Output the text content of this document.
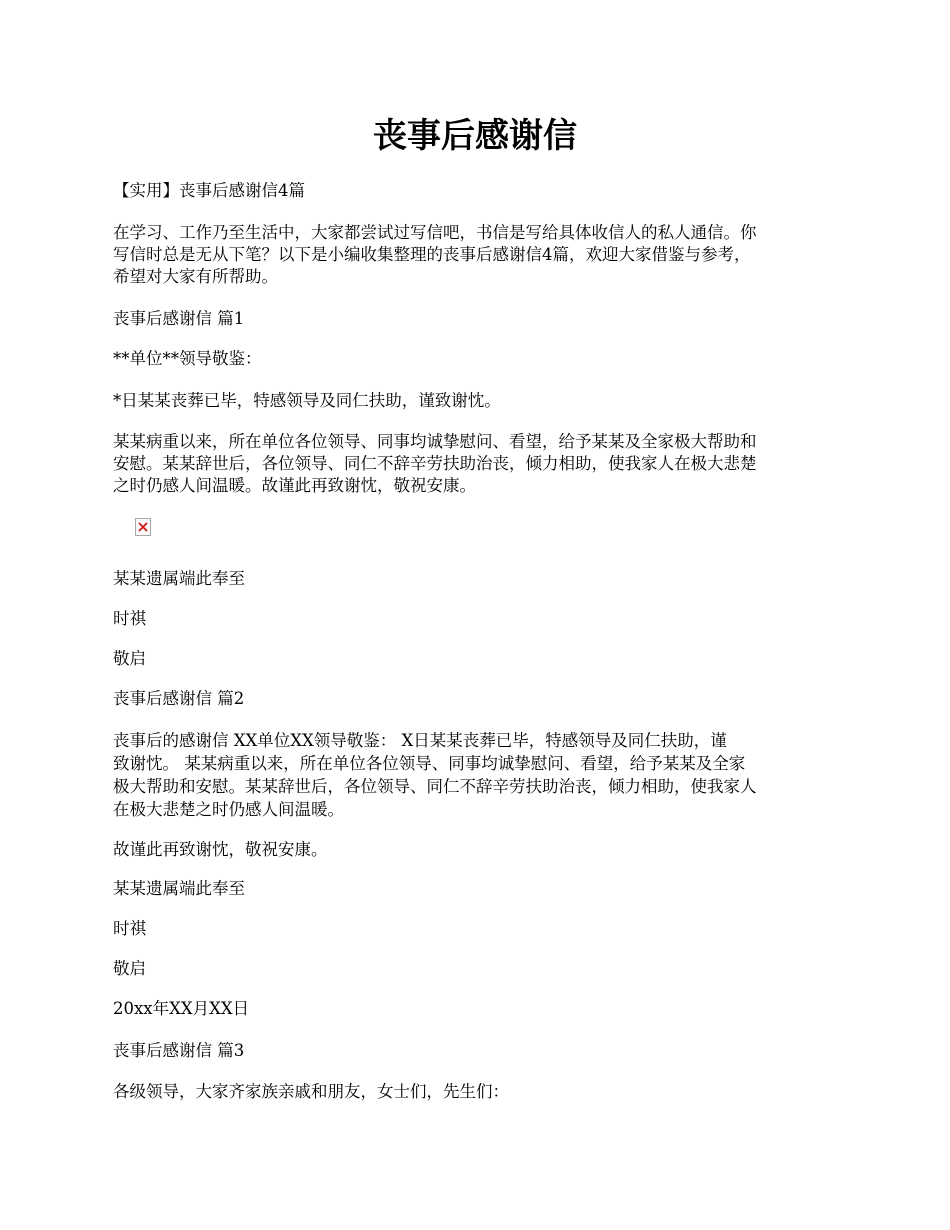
丧事后感谢信

【实用】丧事后感谢信4篇

在学习、工作乃至生活中，大家都尝试过写信吧，书信是写给具体收信人的私人通信。你

写信时总是无从下笔？以下是小编收集整理的丧事后感谢信4篇，欢迎大家借鉴与参考，

希望对大家有所帮助。

丧事后感谢信 篇1

**单位**领导敬鉴：

*日某某丧葬已毕，特感领导及同仁扶助，谨致谢忱。

某某病重以来，所在单位各位领导、同事均诚挚慰问、看望，给予某某及全家极大帮助和

安慰。某某辞世后，各位领导、同仁不辞辛劳扶助治丧，倾力相助，使我家人在极大悲楚

之时仍感人间温暖。故谨此再致谢忱，敬祝安康。

某某遗属端此奉至

时祺

敬启

丧事后感谢信 篇2

丧事后的感谢信 XX单位XX领导敬鉴： X日某某丧葬已毕，特感领导及同仁扶助，谨

致谢忱。 某某病重以来，所在单位各位领导、同事均诚挚慰问、看望，给予某某及全家

极大帮助和安慰。某某辞世后，各位领导、同仁不辞辛劳扶助治丧，倾力相助，使我家人

在极大悲楚之时仍感人间温暖。

故谨此再致谢忱，敬祝安康。

某某遗属端此奉至

时祺

敬启

20xx年XX月XX日

丧事后感谢信 篇3

各级领导，大家齐家族亲戚和朋友，女士们，先生们：
